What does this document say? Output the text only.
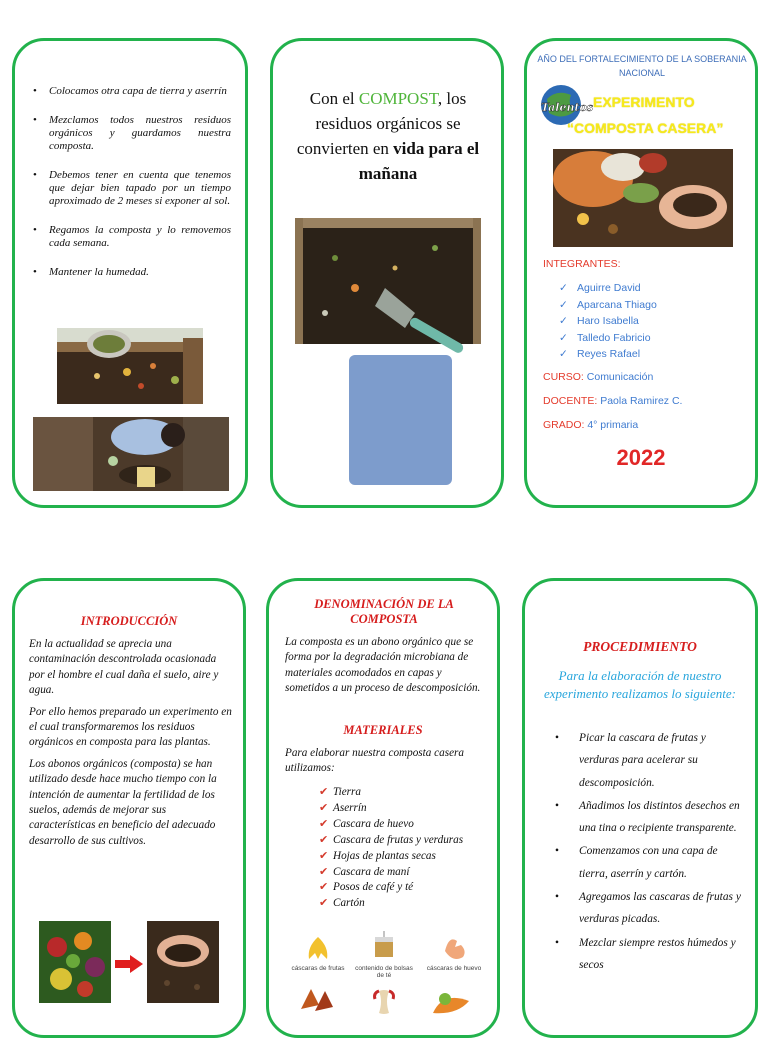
• Colocamos otra capa de tierra y aserrín
• Mezclamos todos nuestros residuos orgánicos y guardamos nuestra composta.
• Debemos tener en cuenta que tenemos que dejar bien tapado por un tiempo aproximado de 2 meses si exponer al sol.
• Regamos la composta y lo removemos cada semana.
• Mantener la humedad.
Con el COMPOST, los residuos orgánicos se convierten en vida para el mañana
AÑO DEL FORTALECIMIENTO DE LA SOBERANIA NACIONAL
Talentos EXPERIMENTO
“COMPOSTA CASERA”
INTEGRANTES:
✓ Aguirre David
✓ Aparcana Thiago
✓ Haro Isabella
✓ Talledo Fabricio
✓ Reyes Rafael
CURSO: Comunicación
DOCENTE: Paola Ramirez C.
GRADO: 4° primaria
2022
INTRODUCCIÓN

En la actualidad se aprecia una contaminación descontrolada ocasionada por el hombre el cual daña el suelo, aire y agua.

Por ello hemos preparado un experimento en el cual transformaremos los residuos orgánicos en composta para las plantas.

Los abonos orgánicos (composta) se han utilizado desde hace mucho tiempo con la intención de aumentar la fertilidad de los suelos, además de mejorar sus características en beneficio del adecuado desarrollo de sus cultivos.

DENOMINACIÓN DE LA COMPOSTA
La composta es un abono orgánico que se forma por la degradación microbiana de materiales acomodados en capas y sometidos a un proceso de descomposición.
MATERIALES
Para elaborar nuestra composta casera utilizamos:
✔ Tierra
✔ Aserrín
✔ Cascara de huevo
✔ Cascara de frutas y verduras
✔ Hojas de plantas secas
✔ Cascara de maní
✔ Posos de café y té
✔ Cartón
cáscaras de frutas	contenido de bolsas de té
cáscaras de huevo
PROCEDIMIENTO
Para la elaboración de nuestro experimento realizamos lo siguiente:
• Picar la cascara de frutas y verduras para acelerar su descomposición.
• Añadimos los distintos desechos en una tina o recipiente transparente.
• Comenzamos con una capa de tierra, aserrín y cartón.
• Agregamos las cascaras de frutas y verduras picadas.
• Mezclar siempre restos húmedos y secos
